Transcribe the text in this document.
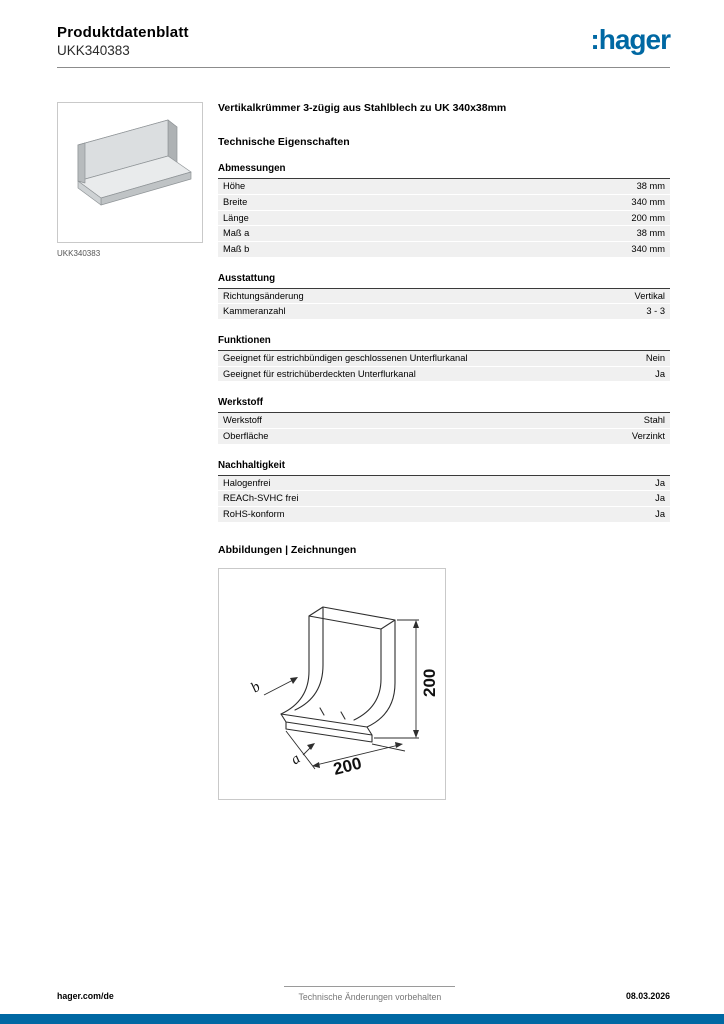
Produktdatenblatt
UKK340383	:hager
UKK340383
Vertikalkrümmer 3-zügig aus Stahlblech zu UK 340x38mm
Technische Eigenschaften
Abmessungen	
Höhe	38 mm
Breite	340 mm
Länge	200 mm
Maß a	38 mm
Maß b	340 mm
Ausstattung	
Richtungsänderung	Vertikal
Kammeranzahl	3 - 3
Funktionen	
Geeignet für estrichbündigen geschlossenen Unterflurkanal	Nein
Geeignet für estrichüberdeckten Unterflurkanal	Ja
Werkstoff	
Werkstoff	Stahl
Oberfläche	Verzinkt
Nachhaltigkeit	
Halogenfrei	Ja
REACh-SVHC frei	Ja
RoHS-konform	Ja
Abbildungen | Zeichnungen
200
200
b
a
hager.com/de	Technische Änderungen vorbehalten	08.03.2026
